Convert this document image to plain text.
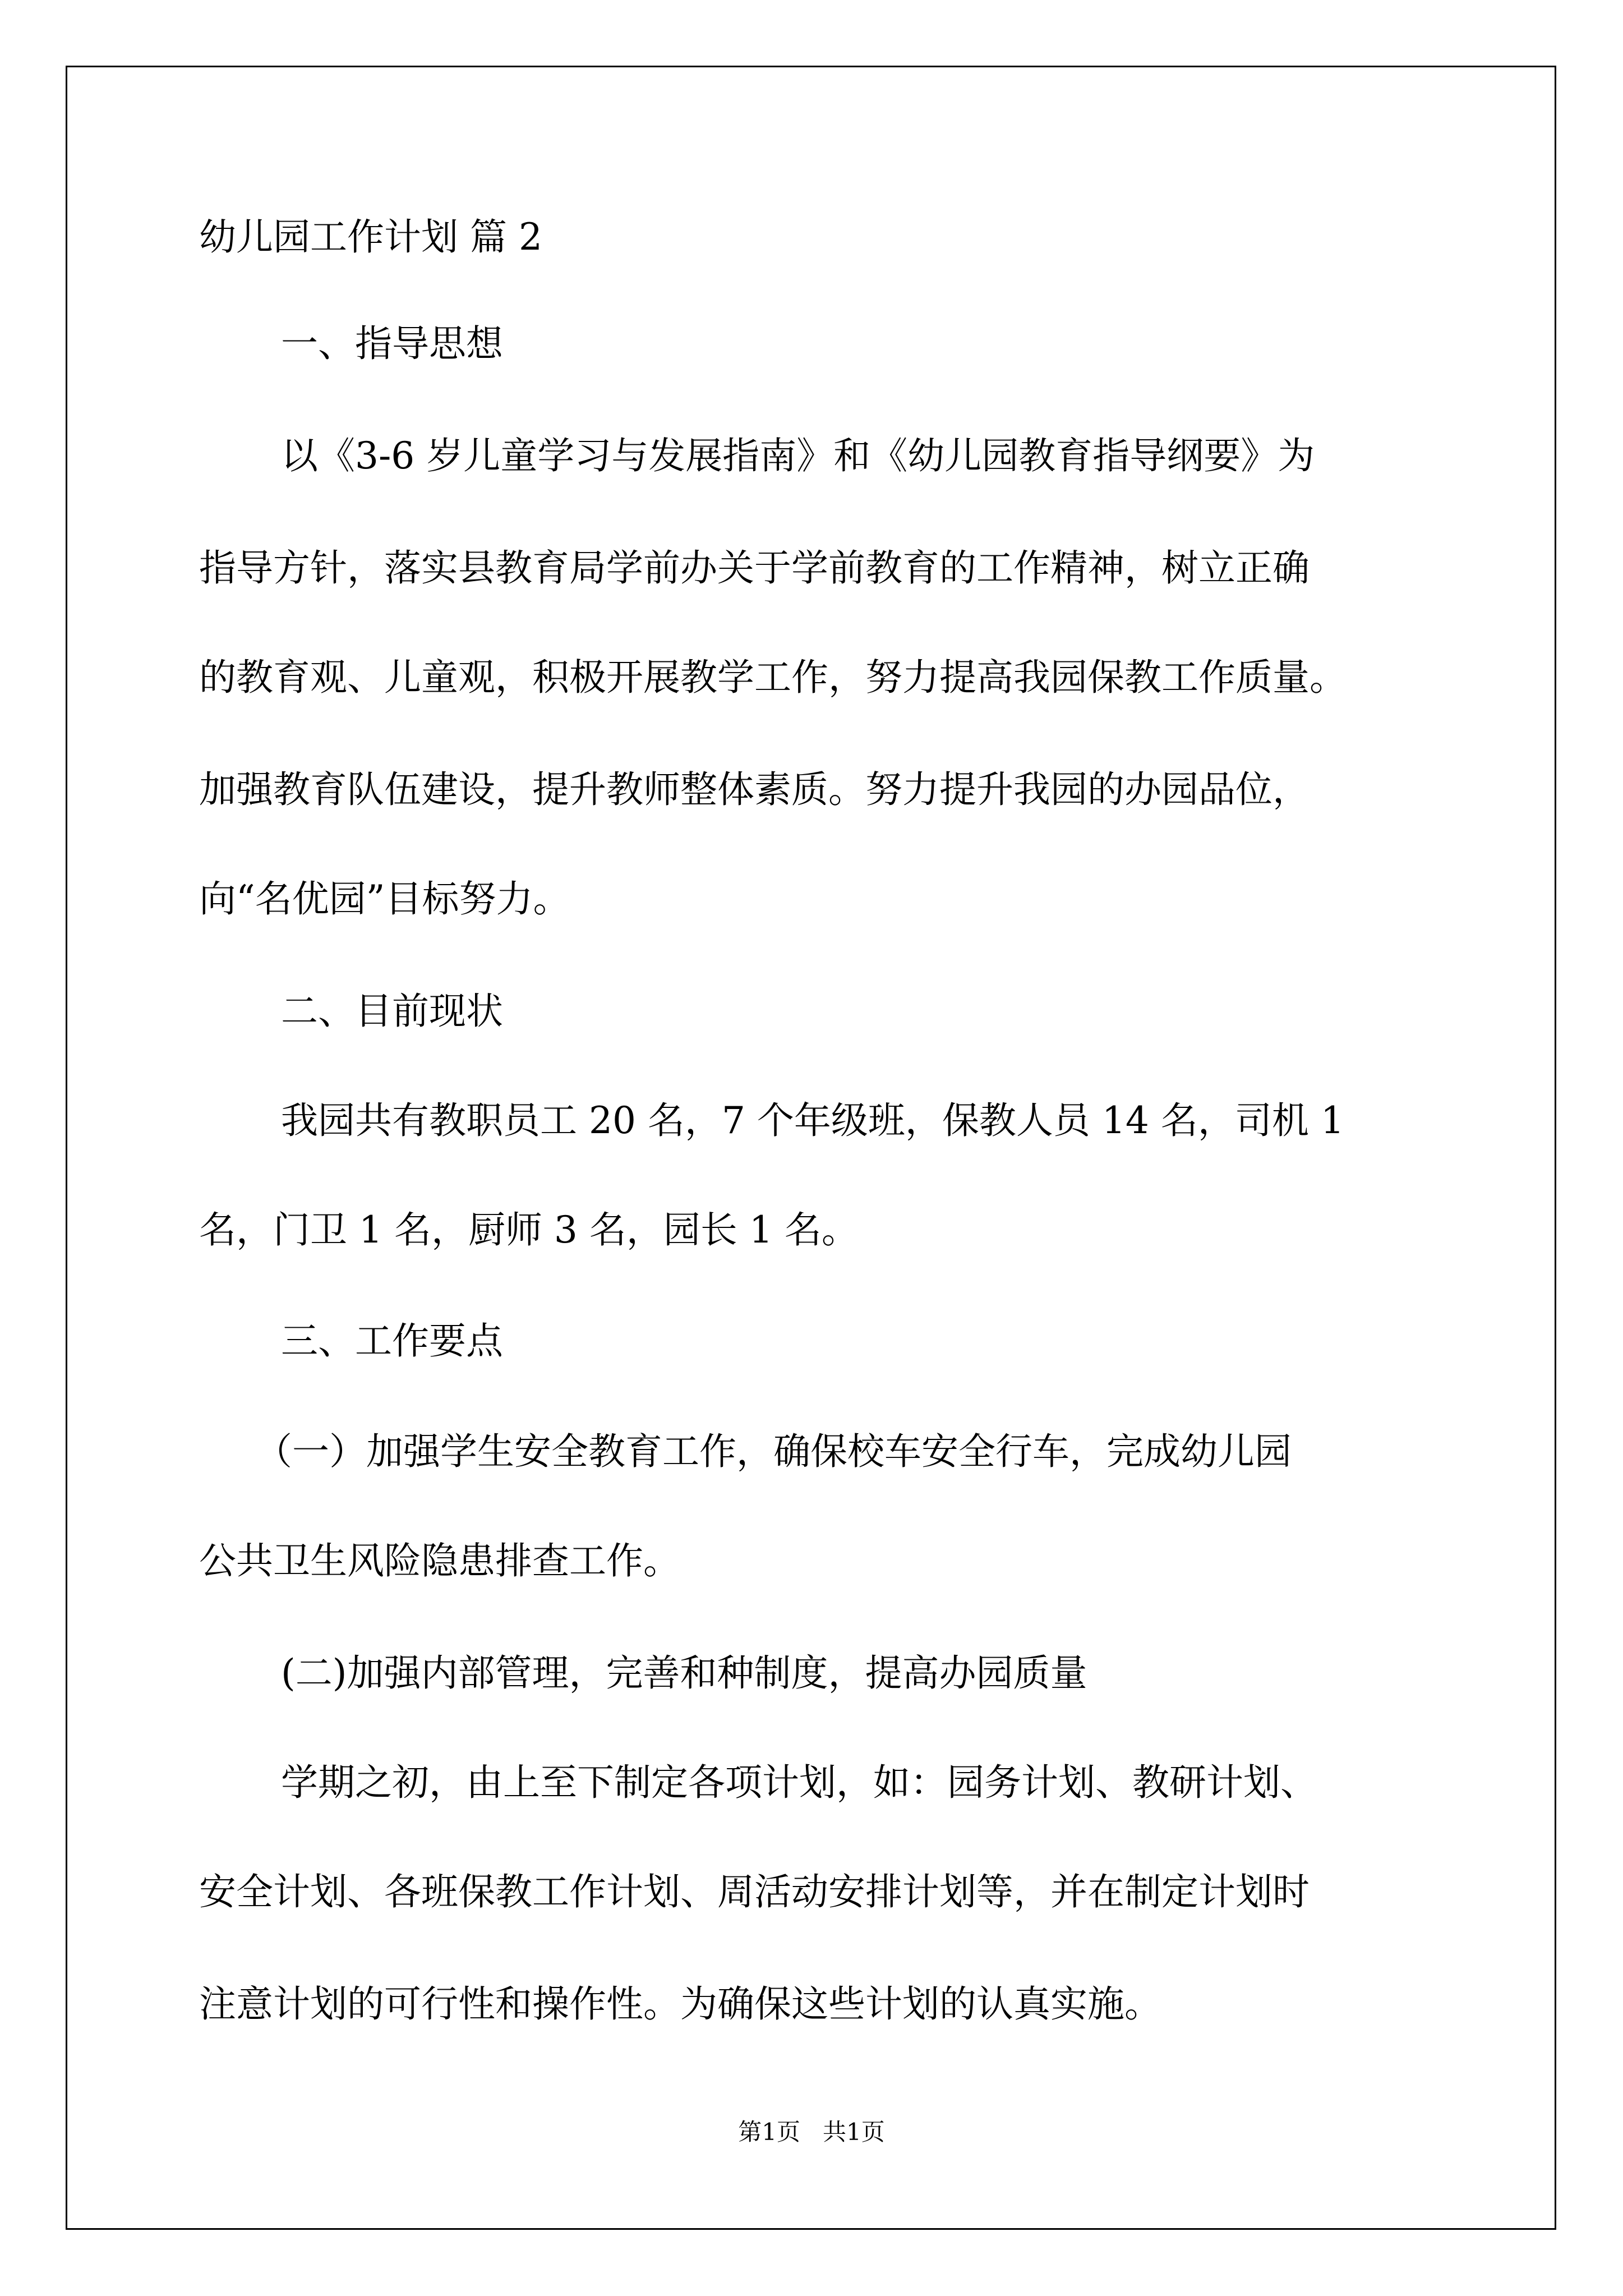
幼儿园工作计划 篇 2
一、指导思想
以《3-6 岁儿童学习与发展指南》和《幼儿园教育指导纲要》为
指导方针，落实县教育局学前办关于学前教育的工作精神，树立正确
的教育观、儿童观，积极开展教学工作，努力提高我园保教工作质量。
加强教育队伍建设，提升教师整体素质。努力提升我园的办园品位，
向“名优园”目标努力。
二、目前现状
我园共有教职员工 20 名，7 个年级班，保教人员 14 名，司机 1
名，门卫 1 名，厨师 3 名，园长 1 名。
三、工作要点
（一）加强学生安全教育工作，确保校车安全行车，完成幼儿园
公共卫生风险隐患排查工作。
(二)加强内部管理，完善和种制度，提高办园质量
学期之初，由上至下制定各项计划，如：园务计划、教研计划、
安全计划、各班保教工作计划、周活动安排计划等，并在制定计划时
注意计划的可行性和操作性。为确保这些计划的认真实施。
第1页   共1页
